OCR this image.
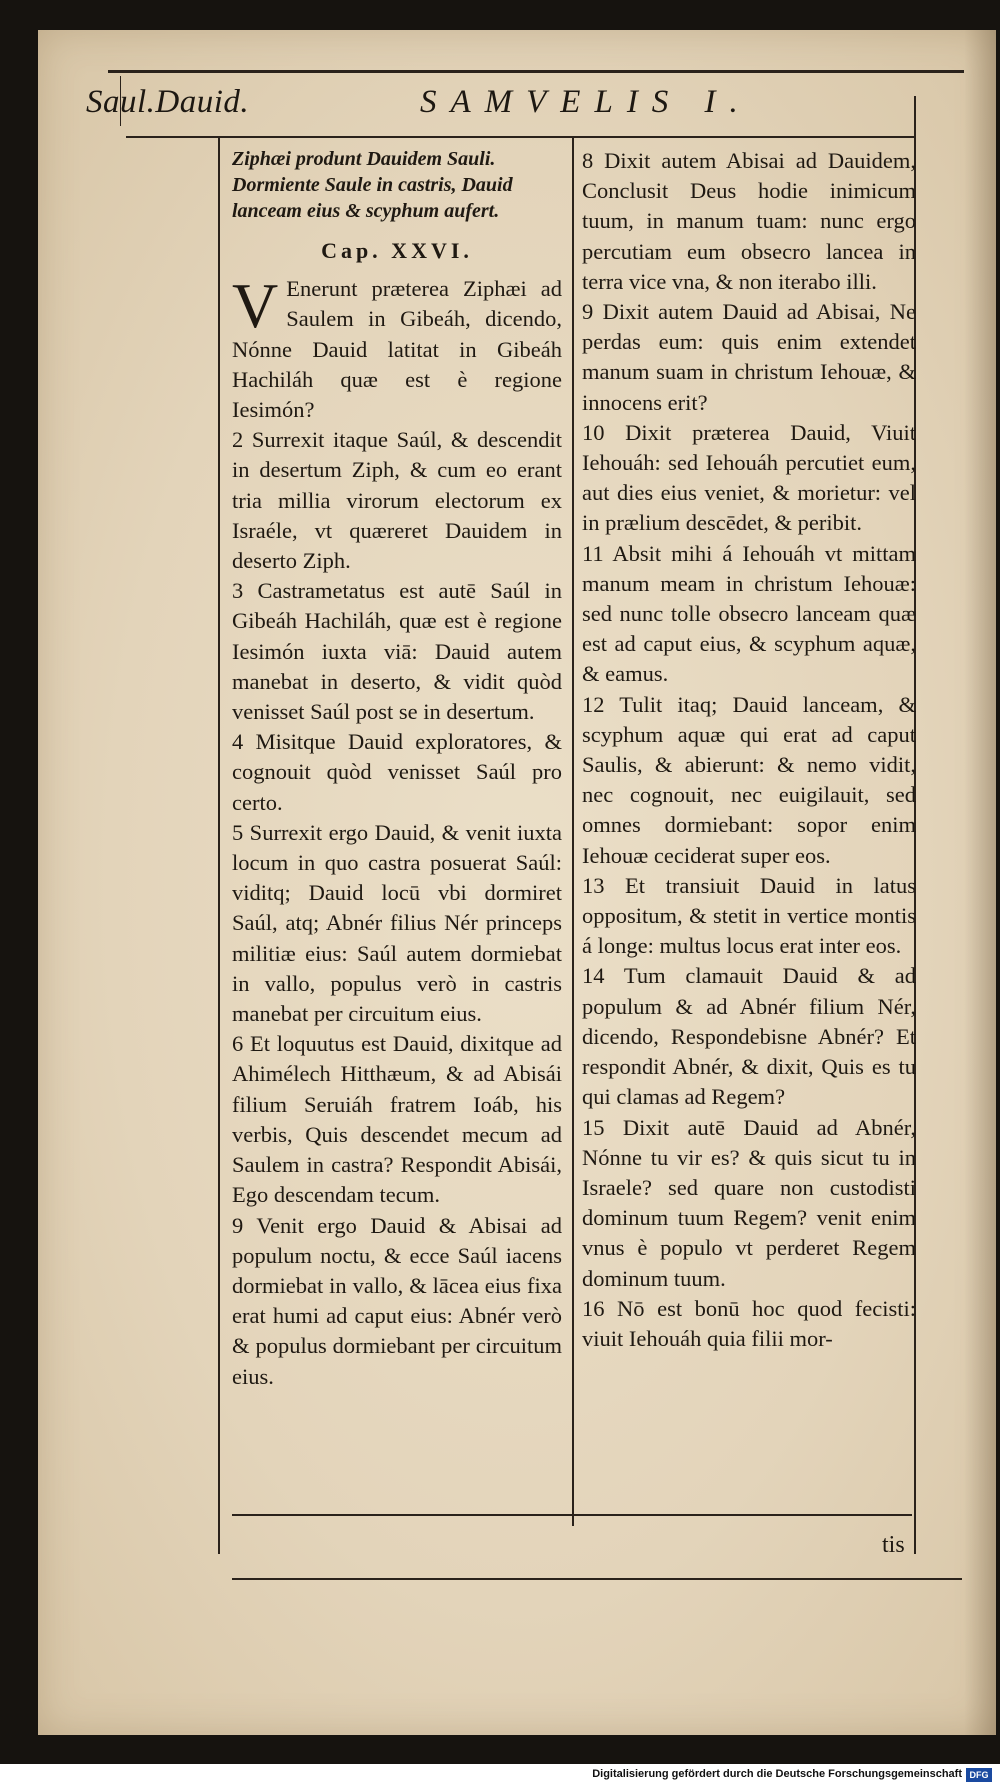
Saul.Dauid.	SAMVELIS I.
Ziphæi produnt Dauidem Sauli. Dormiente Saule in castris, Dauid lanceam eius & scyphum aufert.
Cap. XXVI.

V Enerunt præterea Ziphæi ad Saulem in Gibeáh, dicendo, Nónne Dauid latitat in Gibeáh Hachiláh quæ est è regione Iesimón?

2 Surrexit itaque Saúl, & descendit in desertum Ziph, & cum eo erant tria millia virorum electorum ex Israéle, vt quæreret Dauidem in deserto Ziph.

3 Castrametatus est autē Saúl in Gibeáh Hachiláh, quæ est è regione Iesimón iuxta viā: Dauid autem manebat in deserto, & vidit quòd venisset Saúl post se in desertum.

4 Misitque Dauid exploratores, & cognouit quòd venisset Saúl pro certo.

5 Surrexit ergo Dauid, & venit iuxta locum in quo castra posuerat Saúl: viditq; Dauid locū vbi dormiret Saúl, atq; Abnér filius Nér princeps militiæ eius: Saúl autem dormiebat in vallo, populus verò in castris manebat per circuitum eius.

6 Et loquutus est Dauid, dixitque ad Ahimélech Hitthæum, & ad Abisái filium Seruiáh fratrem Ioáb, his verbis, Quis descendet mecum ad Saulem in castra? Respondit Abisái, Ego descendam tecum.

9 Venit ergo Dauid & Abisai ad populum noctu, & ecce Saúl iacens dormiebat in vallo, & lācea eius fixa erat humi ad caput eius: Abnér verò & populus dormiebant per circuitum eius.

8 Dixit autem Abisai ad Dauidem, Conclusit Deus hodie inimicum tuum, in manum tuam: nunc ergo percutiam eum obsecro lancea in terra vice vna, & non iterabo illi.

9 Dixit autem Dauid ad Abisai, Ne perdas eum: quis enim extendet manum suam in christum Iehouæ, & innocens erit?

10 Dixit præterea Dauid, Viuit Iehouáh: sed Iehouáh percutiet eum, aut dies eius veniet, & morietur: vel in prælium descēdet, & peribit.

11 Absit mihi á Iehouáh vt mittam manum meam in christum Iehouæ: sed nunc tolle obsecro lanceam quæ est ad caput eius, & scyphum aquæ, & eamus.

12 Tulit itaq; Dauid lanceam, & scyphum aquæ qui erat ad caput Saulis, & abierunt: & nemo vidit, nec cognouit, nec euigilauit, sed omnes dormiebant: sopor enim Iehouæ ceciderat super eos.

13 Et transiuit Dauid in latus oppositum, & stetit in vertice montis á longe: multus locus erat inter eos.

14 Tum clamauit Dauid & ad populum & ad Abnér filium Nér, dicendo, Respondebisne Abnér? Et respondit Abnér, & dixit, Quis es tu qui clamas ad Regem?

15 Dixit autē Dauid ad Abnér, Nónne tu vir es? & quis sicut tu in Israele? sed quare non custodisti dominum tuum Regem? venit enim vnus è populo vt perderet Regem dominum tuum.

16 Nō est bonū hoc quod fecisti: viuit Iehouáh quia filii mor-

tis
Digitalisierung gefördert durch die Deutsche Forschungsgemeinschaft DFG
